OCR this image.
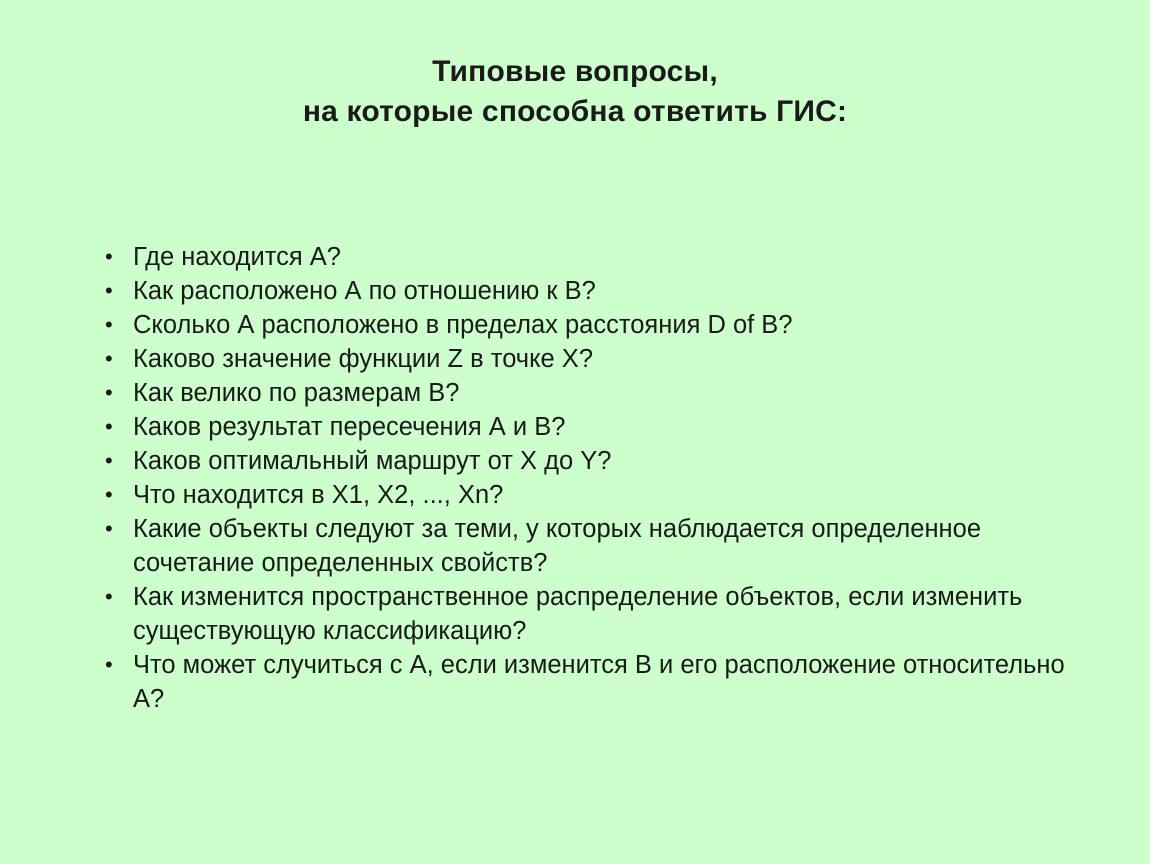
Типовые вопросы,
на которые способна ответить ГИС:
• Где находится А?
• Как расположено А по отношению к В?
• Сколько А расположено в пределах расстояния D of В?
• Каково значение функции Z в точке Х?
• Как велико по размерам В?
• Каков результат пересечения А и В?
• Каков оптимальный маршрут от Х до Y?
• Что находится в Х1, Х2, ..., Хn?
• Какие объекты следуют за теми, у которых наблюдается определенное сочетание определенных свойств?
• Как изменится пространственное распределение объектов, если изменить существующую классификацию?
• Что может случиться с А, если изменится В и его расположение относительно А?
